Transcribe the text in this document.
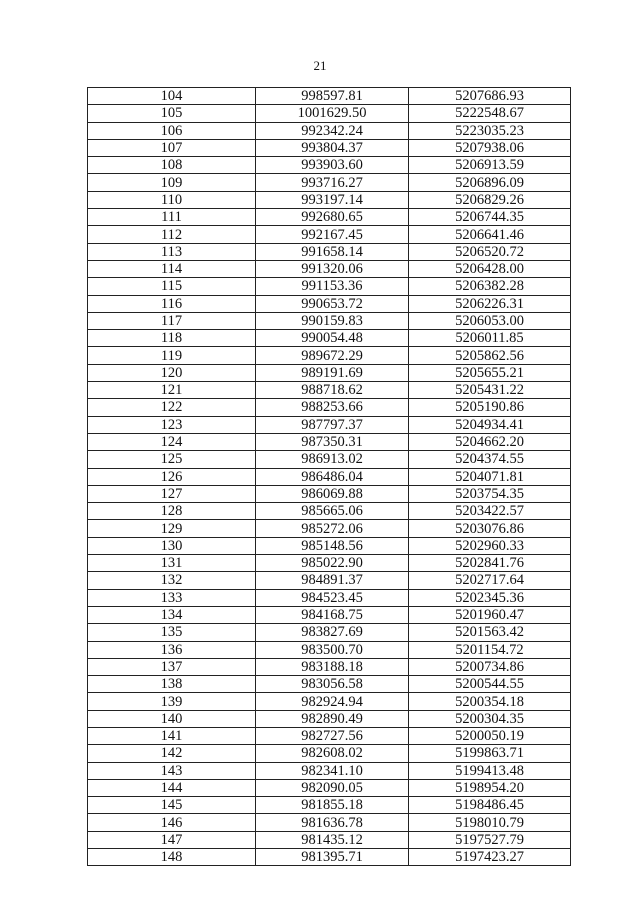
21
104	998597.81	5207686.93
105	1001629.50	5222548.67
106	992342.24	5223035.23
107	993804.37	5207938.06
108	993903.60	5206913.59
109	993716.27	5206896.09
110	993197.14	5206829.26
111	992680.65	5206744.35
112	992167.45	5206641.46
113	991658.14	5206520.72
114	991320.06	5206428.00
115	991153.36	5206382.28
116	990653.72	5206226.31
117	990159.83	5206053.00
118	990054.48	5206011.85
119	989672.29	5205862.56
120	989191.69	5205655.21
121	988718.62	5205431.22
122	988253.66	5205190.86
123	987797.37	5204934.41
124	987350.31	5204662.20
125	986913.02	5204374.55
126	986486.04	5204071.81
127	986069.88	5203754.35
128	985665.06	5203422.57
129	985272.06	5203076.86
130	985148.56	5202960.33
131	985022.90	5202841.76
132	984891.37	5202717.64
133	984523.45	5202345.36
134	984168.75	5201960.47
135	983827.69	5201563.42
136	983500.70	5201154.72
137	983188.18	5200734.86
138	983056.58	5200544.55
139	982924.94	5200354.18
140	982890.49	5200304.35
141	982727.56	5200050.19
142	982608.02	5199863.71
143	982341.10	5199413.48
144	982090.05	5198954.20
145	981855.18	5198486.45
146	981636.78	5198010.79
147	981435.12	5197527.79
148	981395.71	5197423.27
